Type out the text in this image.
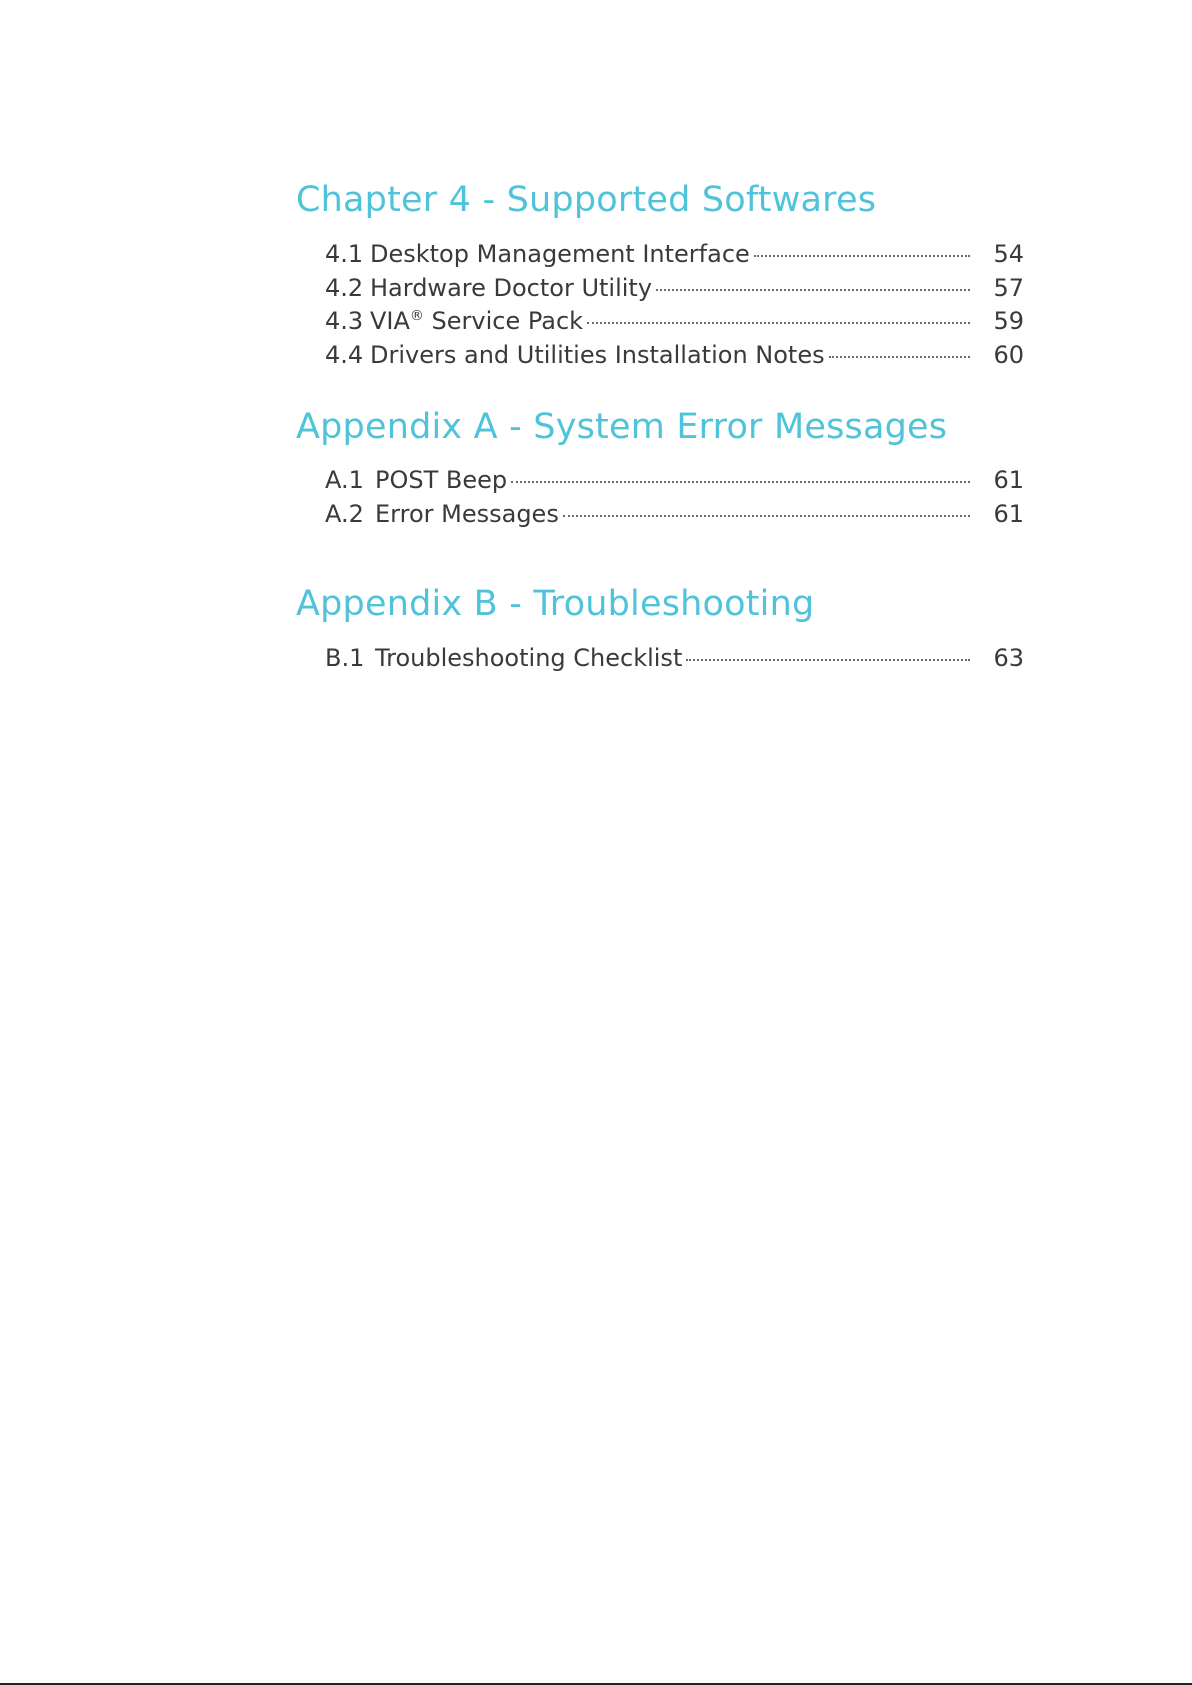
Chapter 4 - Supported Softwares
4.1 Desktop Management Interface	54
4.2 Hardware Doctor Utility	57
4.3 VIA® Service Pack	59
4.4 Drivers and Utilities Installation Notes	60
Appendix A - System Error Messages
A.1 POST Beep	61
A.2 Error Messages	61
Appendix B - Troubleshooting
B.1 Troubleshooting Checklist	63
